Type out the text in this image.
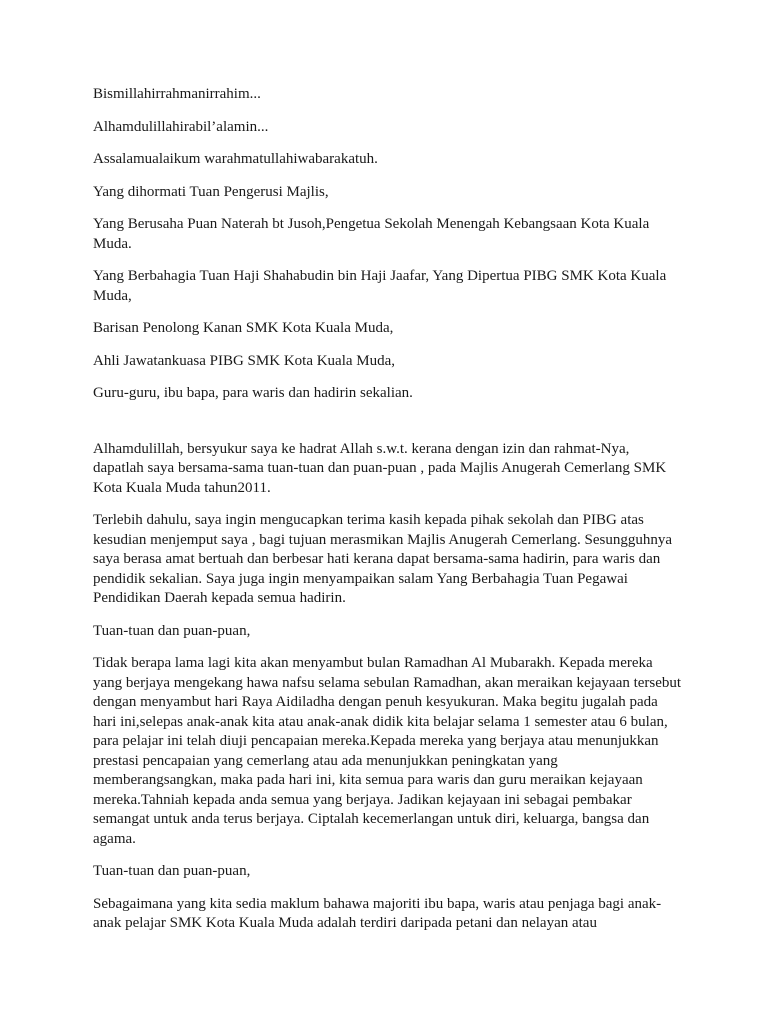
Bismillahirrahmanirrahim...

Alhamdulillahirabil’alamin...

Assalamualaikum warahmatullahiwabarakatuh.

Yang dihormati Tuan Pengerusi Majlis,

Yang Berusaha Puan Naterah bt Jusoh,Pengetua Sekolah Menengah Kebangsaan Kota Kuala Muda.

Yang Berbahagia Tuan Haji Shahabudin bin Haji Jaafar, Yang Dipertua PIBG SMK Kota Kuala Muda,

Barisan Penolong Kanan SMK Kota Kuala Muda,

Ahli Jawatankuasa PIBG SMK Kota Kuala Muda,

Guru-guru, ibu bapa, para waris dan hadirin sekalian.

Alhamdulillah, bersyukur saya ke hadrat Allah s.w.t. kerana dengan izin dan rahmat-Nya, dapatlah saya bersama-sama tuan-tuan dan puan-puan , pada Majlis Anugerah Cemerlang SMK Kota Kuala Muda tahun2011.

Terlebih dahulu, saya ingin mengucapkan terima kasih kepada pihak sekolah dan PIBG atas kesudian menjemput saya , bagi tujuan merasmikan Majlis Anugerah Cemerlang. Sesungguhnya saya berasa amat bertuah dan berbesar hati kerana dapat bersama-sama hadirin, para waris dan pendidik sekalian. Saya juga ingin menyampaikan salam Yang Berbahagia Tuan Pegawai Pendidikan Daerah kepada semua hadirin.

Tuan-tuan dan puan-puan,

Tidak berapa lama lagi kita akan menyambut bulan Ramadhan Al Mubarakh. Kepada mereka yang berjaya mengekang hawa nafsu selama sebulan Ramadhan, akan meraikan kejayaan tersebut dengan menyambut hari Raya Aidiladha dengan penuh kesyukuran. Maka begitu jugalah pada hari ini,selepas anak-anak kita atau anak-anak didik kita belajar selama 1 semester atau 6 bulan, para pelajar ini telah diuji pencapaian mereka.Kepada mereka yang berjaya atau menunjukkan prestasi pencapaian yang cemerlang atau ada menunjukkan peningkatan yang memberangsangkan, maka pada hari ini, kita semua para waris dan guru meraikan kejayaan mereka.Tahniah kepada anda semua yang berjaya. Jadikan kejayaan ini sebagai pembakar semangat untuk anda terus berjaya. Ciptalah kecemerlangan untuk diri, keluarga, bangsa dan agama.

Tuan-tuan dan puan-puan,

Sebagaimana yang kita sedia maklum bahawa majoriti ibu bapa, waris atau penjaga bagi anak-anak pelajar SMK Kota Kuala Muda adalah terdiri daripada petani dan nelayan atau
